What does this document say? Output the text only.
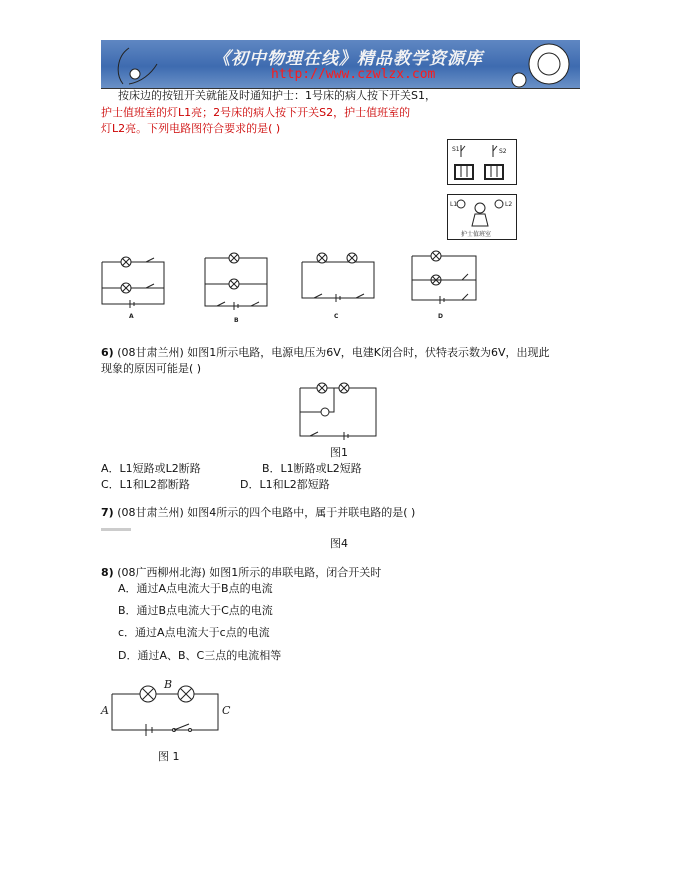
《初中物理在线》精品教学资源库
http://www.czwlzx.com
按床边的按钮开关就能及时通知护士：1号床的病人按下开关S1，
护士值班室的灯L1亮；2号床的病人按下开关S2，护士值班室的
灯L2亮。下列电路图符合要求的是( )
S1	S2
L1	L2
护士值班室
A
B
C	D
6) (08甘肃兰州) 如图1所示电路，电源电压为6V，电建K闭合时，伏特表示数为6V，出现此
现象的原因可能是( )
图1
A．L1短路或L2断路	B．L1断路或L2短路
C．L1和L2都断路	D．L1和L2都短路
7) (08甘肃兰州) 如图4所示的四个电路中，属于并联电路的是( )
图4
8) (08广西柳州北海) 如图1所示的串联电路，闭合开关时
A．通过A点电流大于B点的电流
B．通过B点电流大于C点的电流
c．通过A点电流大于c点的电流
D．通过A、B、C三点的电流相等
A
B
C
图 1
